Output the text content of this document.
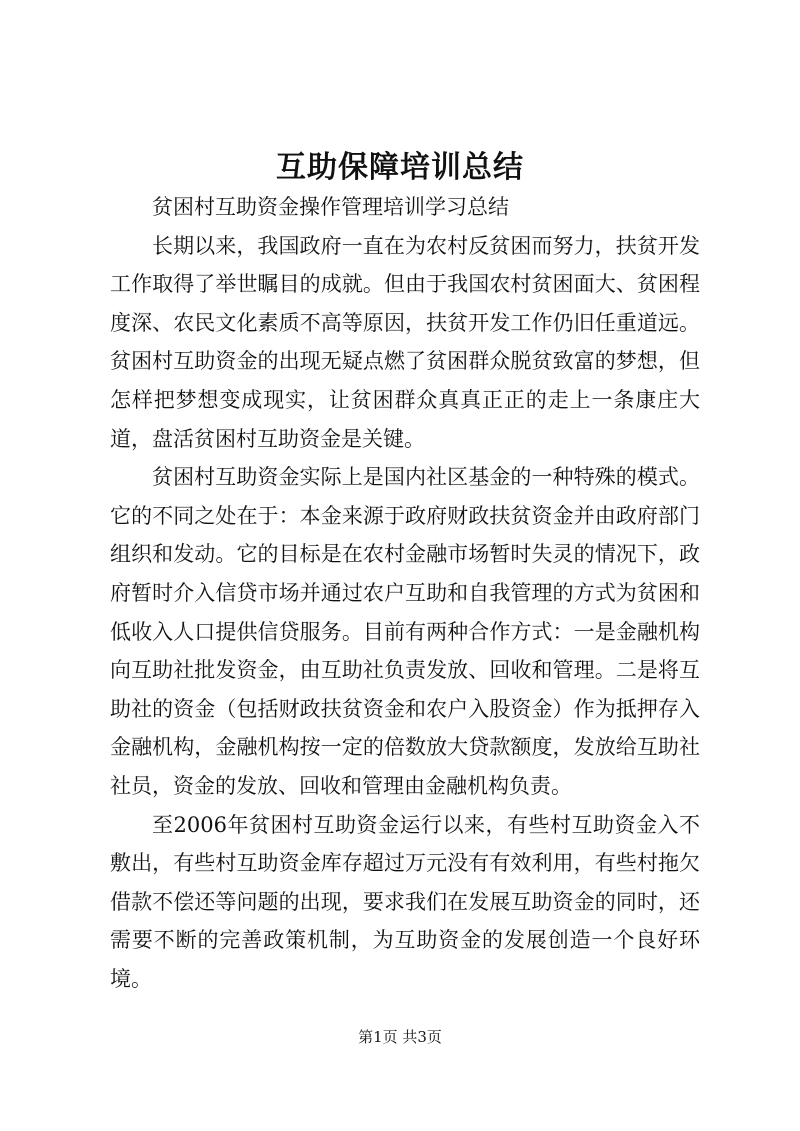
互助保障培训总结

贫困村互助资金操作管理培训学习总结

长期以来，我国政府一直在为农村反贫困而努力，扶贫开发工作取得了举世瞩目的成就。但由于我国农村贫困面大、贫困程度深、农民文化素质不高等原因，扶贫开发工作仍旧任重道远。贫困村互助资金的出现无疑点燃了贫困群众脱贫致富的梦想，但怎样把梦想变成现实，让贫困群众真真正正的走上一条康庄大道，盘活贫困村互助资金是关键。

贫困村互助资金实际上是国内社区基金的一种特殊的模式。它的不同之处在于：本金来源于政府财政扶贫资金并由政府部门组织和发动。它的目标是在农村金融市场暂时失灵的情况下，政府暂时介入信贷市场并通过农户互助和自我管理的方式为贫困和低收入人口提供信贷服务。目前有两种合作方式：一是金融机构向互助社批发资金，由互助社负责发放、回收和管理。二是将互助社的资金（包括财政扶贫资金和农户入股资金）作为抵押存入金融机构，金融机构按一定的倍数放大贷款额度，发放给互助社社员，资金的发放、回收和管理由金融机构负责。

至2006年贫困村互助资金运行以来，有些村互助资金入不敷出，有些村互助资金库存超过万元没有有效利用，有些村拖欠借款不偿还等问题的出现，要求我们在发展互助资金的同时，还需要不断的完善政策机制，为互助资金的发展创造一个良好环境。

第1页 共3页
